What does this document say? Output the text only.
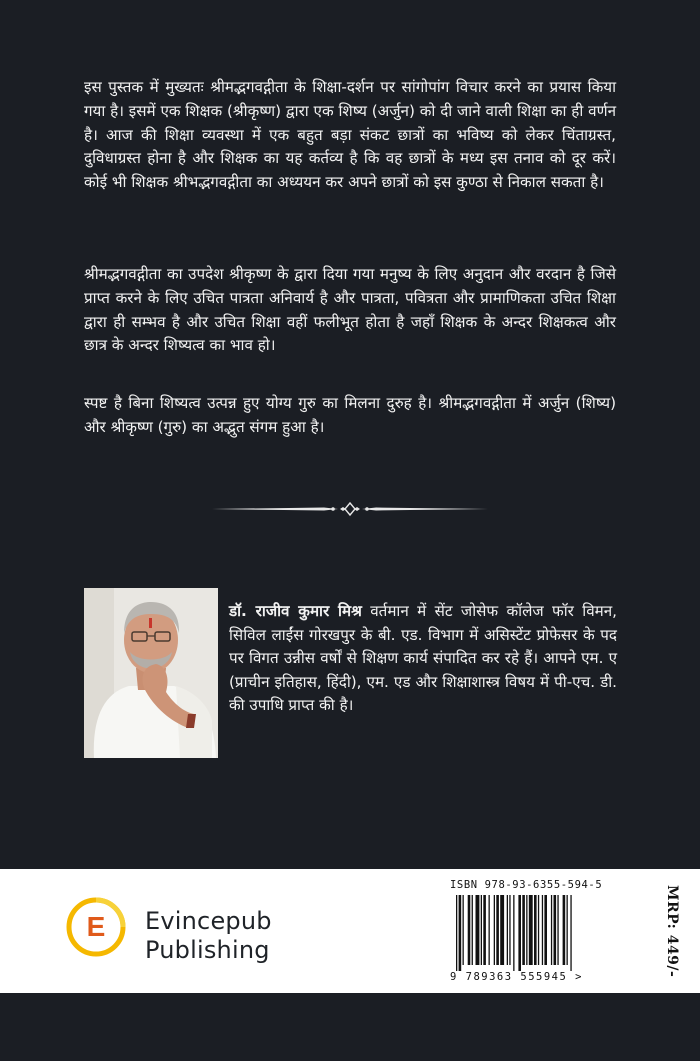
इस पुस्तक में मुख्यतः श्रीमद्भगवद्गीता के शिक्षा-दर्शन पर सांगोपांग विचार करने का प्रयास किया गया है। इसमें एक शिक्षक (श्रीकृष्ण) द्वारा एक शिष्य (अर्जुन) को दी जाने वाली शिक्षा का ही वर्णन है। आज की शिक्षा व्यवस्था में एक बहुत बड़ा संकट छात्रों का भविष्य को लेकर चिंताग्रस्त, दुविधाग्रस्त होना है और शिक्षक का यह कर्तव्य है कि वह छात्रों के मध्य इस तनाव को दूर करें। कोई भी शिक्षक श्रीभद्भगवद्गीता का अध्ययन कर अपने छात्रों को इस कुण्ठा से निकाल सकता है।

श्रीमद्भगवद्गीता का उपदेश श्रीकृष्ण के द्वारा दिया गया मनुष्य के लिए अनुदान और वरदान है जिसे प्राप्त करने के लिए उचित पात्रता अनिवार्य है और पात्रता, पवित्रता और प्रामाणिकता उचित शिक्षा द्वारा ही सम्भव है और उचित शिक्षा वहीं फलीभूत होता है जहाँ शिक्षक के अन्दर शिक्षकत्व और छात्र के अन्दर शिष्यत्व का भाव हो।

स्पष्ट है बिना शिष्यत्व उत्पन्न हुए योग्य गुरु का मिलना दुरुह है। श्रीमद्भगवद्गीता में अर्जुन (शिष्य) और श्रीकृष्ण (गुरु) का अद्भुत संगम हुआ है।

डॉ. राजीव कुमार मिश्र वर्तमान में सेंट जोसेफ कॉलेज फॉर विमन, सिविल लाईंस गोरखपुर के बी. एड. विभाग में असिस्टेंट प्रोफेसर के पद पर विगत उन्नीस वर्षों से शिक्षण कार्य संपादित कर रहे हैं। आपने एम. ए (प्राचीन इतिहास, हिंदी), एम. एड और शिक्षाशास्त्र विषय में पी-एच. डी. की उपाधि प्राप्त की है।

E Evincepub
Publishing
ISBN 978-93-6355-594-5
9 789363 555945 >	MRP: 449/-
